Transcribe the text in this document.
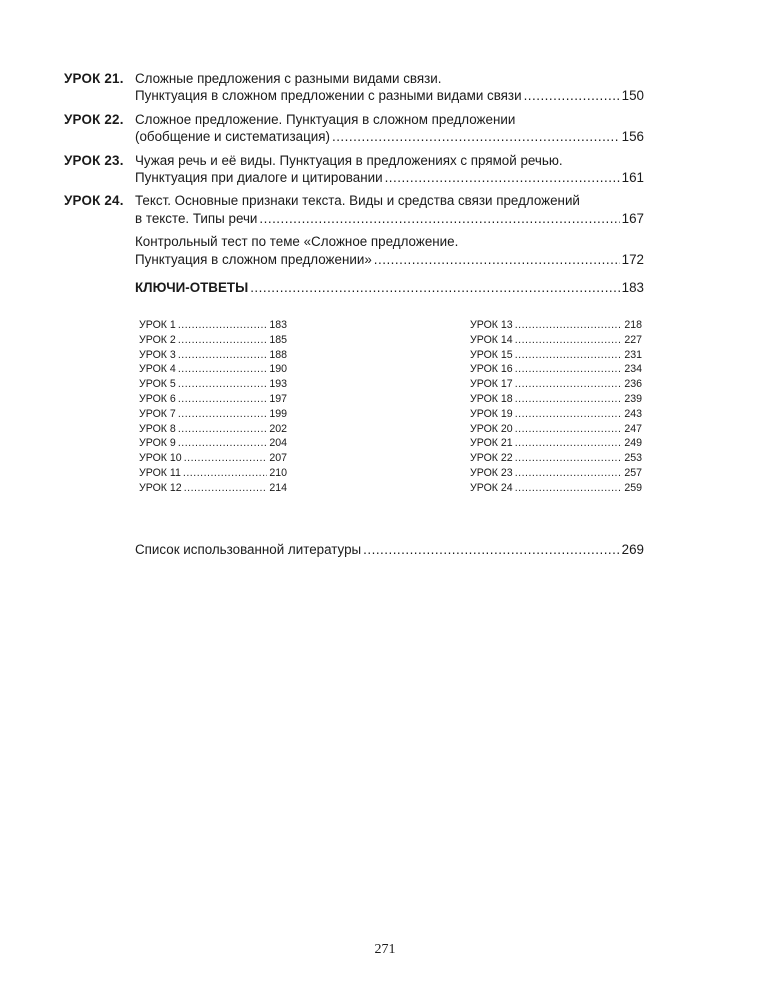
УРОК 21. Сложные предложения с разными видами связи.
Пунктуация в сложном предложении с разными видами связи .....	150
УРОК 22. Сложное предложение. Пунктуация в сложном предложении
(обобщение и систематизация) .....	156
УРОК 23. Чужая речь и её виды. Пунктуация в предложениях с прямой речью.
Пунктуация при диалоге и цитировании .....	161
УРОК 24. Текст. Основные признаки текста. Виды и средства связи предложений
в тексте. Типы речи .....	167
Контрольный тест по теме «Сложное предложение.
Пунктуация в сложном предложении» .....	172
КЛЮЧИ-ОТВЕТЫ .....	183
УРОК 1 .....	183
УРОК 2 .....	185
УРОК 3 .....	188
УРОК 4 .....	190
УРОК 5 .....	193
УРОК 6 .....	197
УРОК 7 .....	199
УРОК 8 .....	202
УРОК 9 .....	204
УРОК 10 .....	207
УРОК 11 .....	210
УРОК 12 .....	214
УРОК 13 .....	218
УРОК 14 .....	227
УРОК 15 .....	231
УРОК 16 .....	234
УРОК 17 .....	236
УРОК 18 .....	239
УРОК 19 .....	243
УРОК 20 .....	247
УРОК 21 .....	249
УРОК 22 .....	253
УРОК 23 .....	257
УРОК 24 .....	259
Список использованной литературы .....	269
271
